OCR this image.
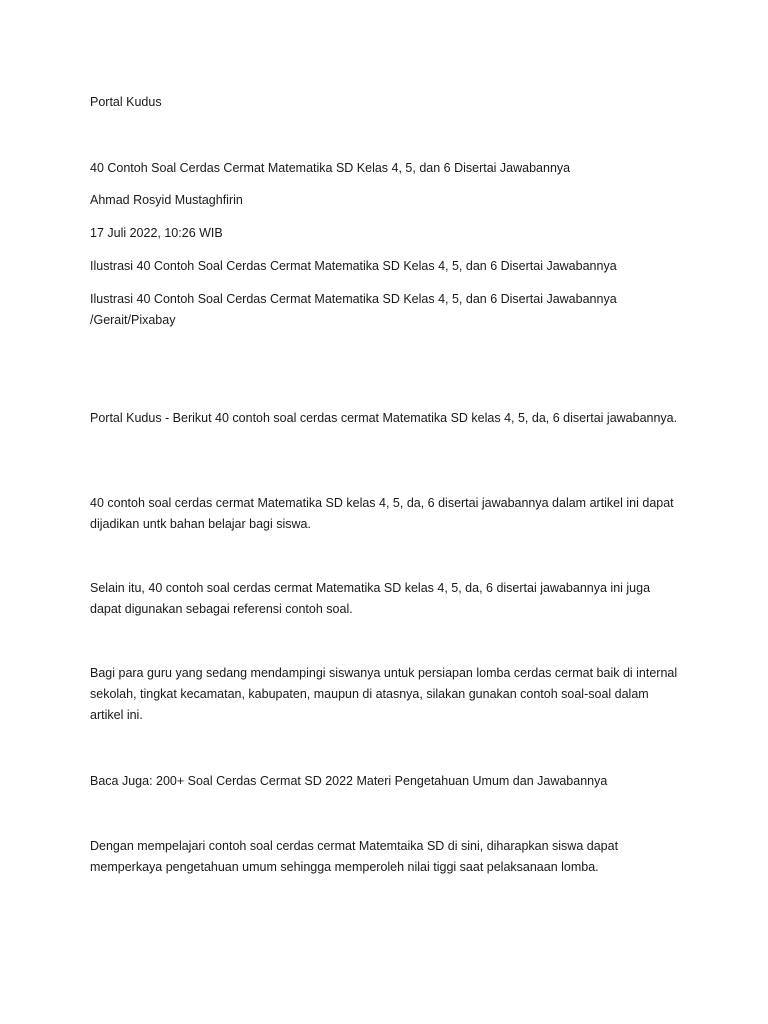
Portal Kudus

40 Contoh Soal Cerdas Cermat Matematika SD Kelas 4, 5, dan 6 Disertai Jawabannya

Ahmad Rosyid Mustaghfirin

17 Juli 2022, 10:26 WIB

Ilustrasi 40 Contoh Soal Cerdas Cermat Matematika SD Kelas 4, 5, dan 6 Disertai Jawabannya

Ilustrasi 40 Contoh Soal Cerdas Cermat Matematika SD Kelas 4, 5, dan 6 Disertai Jawabannya /Gerait/Pixabay

Portal Kudus - Berikut 40 contoh soal cerdas cermat Matematika SD kelas 4, 5, da, 6 disertai jawabannya.

40 contoh soal cerdas cermat Matematika SD kelas 4, 5, da, 6 disertai jawabannya dalam artikel ini dapat dijadikan untk bahan belajar bagi siswa.

Selain itu, 40 contoh soal cerdas cermat Matematika SD kelas 4, 5, da, 6 disertai jawabannya ini juga dapat digunakan sebagai referensi contoh soal.

Bagi para guru yang sedang mendampingi siswanya untuk persiapan lomba cerdas cermat baik di internal sekolah, tingkat kecamatan, kabupaten, maupun di atasnya, silakan gunakan contoh soal-soal dalam artikel ini.

Baca Juga: 200+ Soal Cerdas Cermat SD 2022 Materi Pengetahuan Umum dan Jawabannya

Dengan mempelajari contoh soal cerdas cermat Matemtaika SD di sini, diharapkan siswa dapat memperkaya pengetahuan umum sehingga memperoleh nilai tiggi saat pelaksanaan lomba.
